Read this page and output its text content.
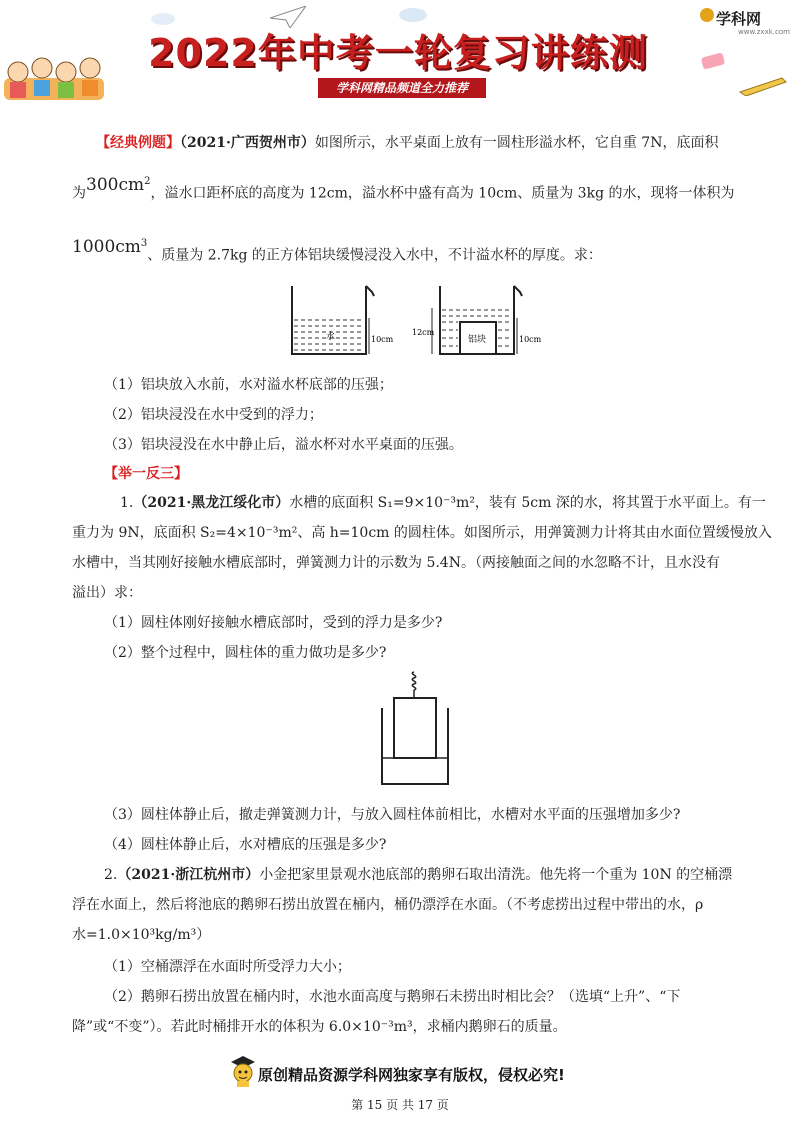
学科网
www.zxxk.com
2022年中考一轮复习讲练测
学科网精品频道全力推荐
【经典例题】（2021·广西贺州市）如图所示，水平桌面上放有一圆柱形溢水杯，它自重 7N，底面积
为$300cm^2$，溢水口距杯底的高度为 12cm，溢水杯中盛有高为 10cm、质量为 3kg 的水，现将一体积为
$1000cm^3$、质量为 2.7kg 的正方体铝块缓慢浸没入水中，不计溢水杯的厚度。求：
水	10cm
12cm
铝块	10cm
（1）铝块放入水前，水对溢水杯底部的压强；
（2）铝块浸没在水中受到的浮力；
（3）铝块浸没在水中静止后，溢水杯对水平桌面的压强。
【举一反三】
1.（2021·黑龙江绥化市）水槽的底面积 S₁=9×10⁻³m²，装有 5cm 深的水，将其置于水平面上。有一
重力为 9N，底面积 S₂=4×10⁻³m²、高 h=10cm 的圆柱体。如图所示，用弹簧测力计将其由水面位置缓慢放入
水槽中，当其刚好接触水槽底部时，弹簧测力计的示数为 5.4N。（两接触面之间的水忽略不计，且水没有
溢出）求：
（1）圆柱体刚好接触水槽底部时，受到的浮力是多少?
（2）整个过程中，圆柱体的重力做功是多少?
（3）圆柱体静止后，撤走弹簧测力计，与放入圆柱体前相比，水槽对水平面的压强增加多少?
（4）圆柱体静止后，水对槽底的压强是多少?
2.（2021·浙江杭州市）小金把家里景观水池底部的鹅卵石取出清洗。他先将一个重为 10N 的空桶漂
浮在水面上，然后将池底的鹅卵石捞出放置在桶内，桶仍漂浮在水面。（不考虑捞出过程中带出的水，ρ
水=1.0×10³kg/m³）
（1）空桶漂浮在水面时所受浮力大小；
（2）鹅卵石捞出放置在桶内时，水池水面高度与鹅卵石未捞出时相比会？（选填“上升”、“下
降”或“不变”）。若此时桶排开水的体积为 6.0×10⁻³m³，求桶内鹅卵石的质量。
原创精品资源学科网独家享有版权，侵权必究!
第 15 页 共 17 页
